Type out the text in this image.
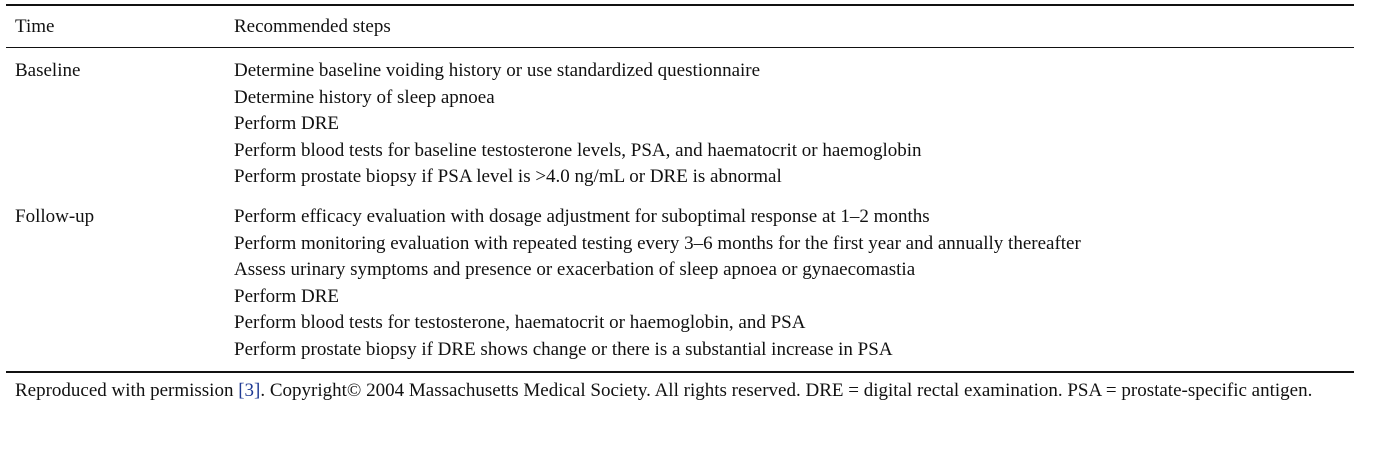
Time	Recommended steps
Baseline	Determine baseline voiding history or use standardized questionnaire
Determine history of sleep apnoea
Perform DRE
Perform blood tests for baseline testosterone levels, PSA, and haematocrit or haemoglobin
Perform prostate biopsy if PSA level is >4.0 ng/mL or DRE is abnormal
Follow-up	Perform efficacy evaluation with dosage adjustment for suboptimal response at 1–2 months
Perform monitoring evaluation with repeated testing every 3–6 months for the first year and annually thereafter
Assess urinary symptoms and presence or exacerbation of sleep apnoea or gynaecomastia
Perform DRE
Perform blood tests for testosterone, haematocrit or haemoglobin, and PSA
Perform prostate biopsy if DRE shows change or there is a substantial increase in PSA
Reproduced with permission [3]. Copyright© 2004 Massachusetts Medical Society. All rights reserved. DRE = digital rectal examination. PSA = prostate-specific antigen.
